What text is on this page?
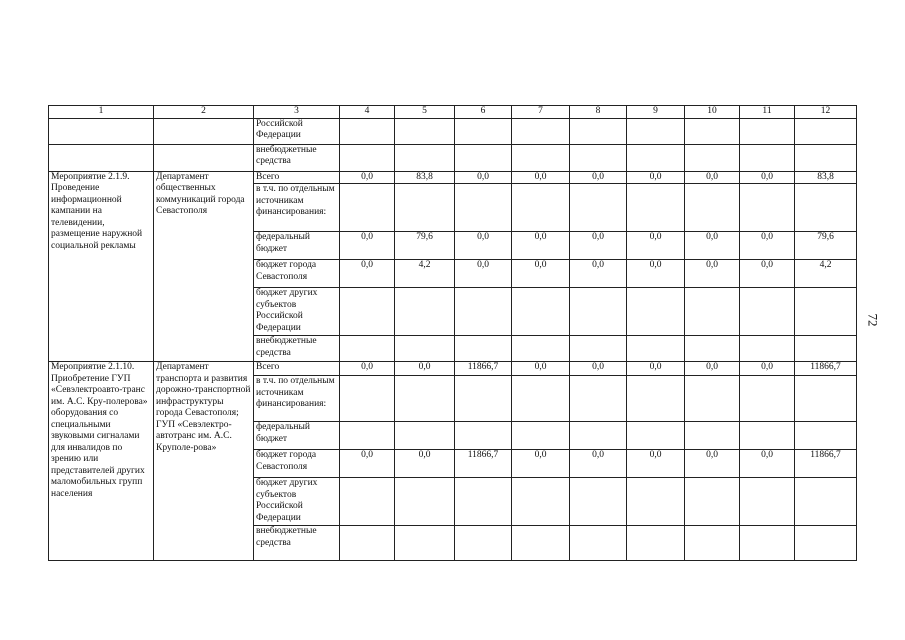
72
1	2	3	4	5	6	7	8	9	10	11	12
		Российской Федерации									
		внебюджетные средства									
Мероприятие 2.1.9. Проведение информационной кампании на телевидении, размещение наружной социальной рекламы	Департамент общественных коммуникаций города Севастополя	Всего	0,0	83,8	0,0	0,0	0,0	0,0	0,0	0,0	83,8
		в т.ч. по отдельным источникам финансирования:									
		федеральный бюджет	0,0	79,6	0,0	0,0	0,0	0,0	0,0	0,0	79,6
		бюджет города Севастополя	0,0	4,2	0,0	0,0	0,0	0,0	0,0	0,0	4,2
		бюджет других субъектов Российской Федерации									
		внебюджетные средства									
Мероприятие 2.1.10. Приобретение ГУП «Севэлектроавто-транс им. А.С. Кру-полерова» оборудования со специальными звуковыми сигналами для инвалидов по зрению или представителей других маломобильных групп населения	Департамент транспорта и развития дорожно-транспортной инфраструктуры города Севастополя; ГУП «Севэлектро-автотранс им. А.С. Круполе-рова»	Всего	0,0	0,0	11866,7	0,0	0,0	0,0	0,0	0,0	11866,7
		в т.ч. по отдельным источникам финансирования:									
		федеральный бюджет									
		бюджет города Севастополя	0,0	0,0	11866,7	0,0	0,0	0,0	0,0	0,0	11866,7
		бюджет других субъектов Российской Федерации									
		внебюджетные средства									
